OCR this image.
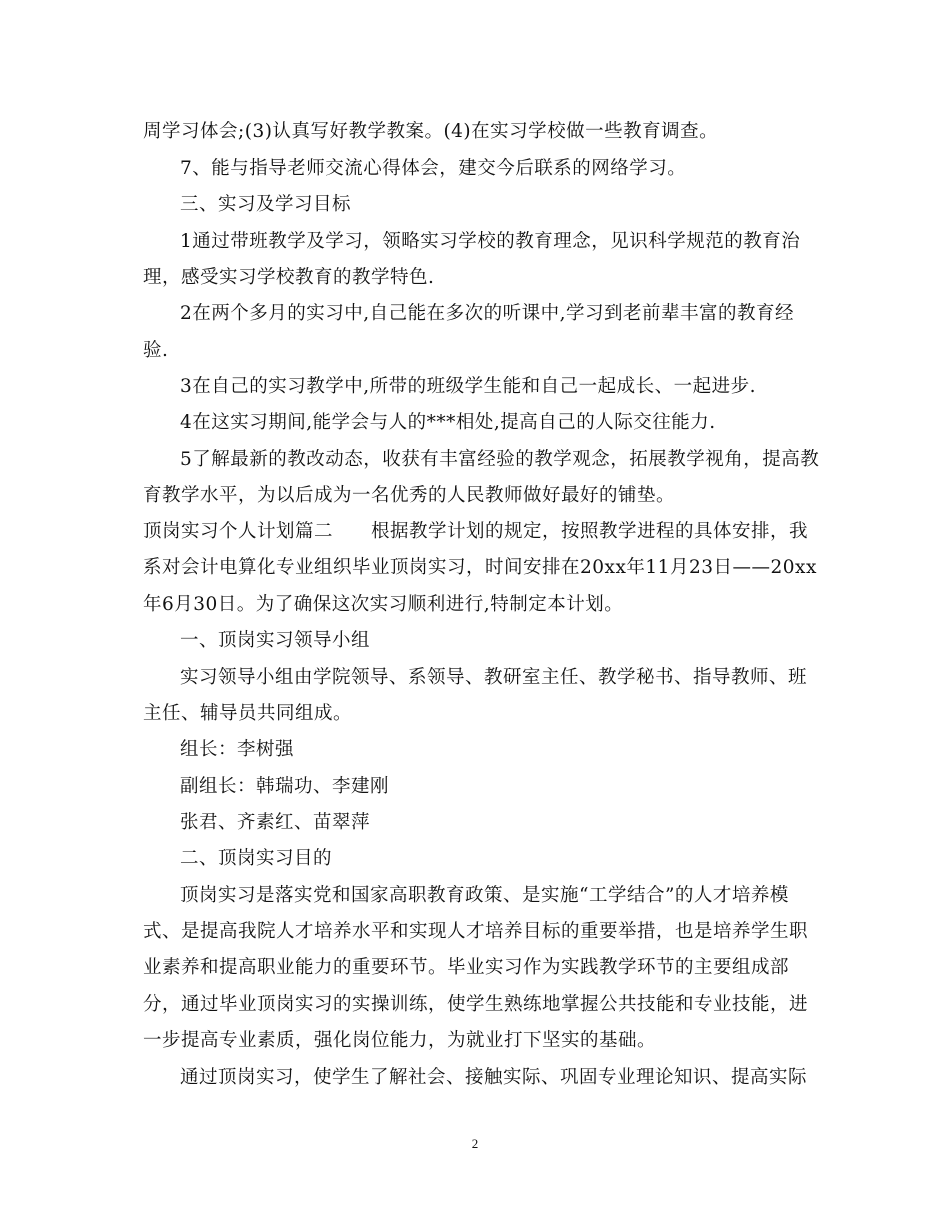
周学习体会;(3)认真写好教学教案。(4)在实习学校做一些教育调查。
7、能与指导老师交流心得体会，建交今后联系的网络学习。
三、实习及学习目标
1通过带班教学及学习，领略实习学校的教育理念，见识科学规范的教育治
理，感受实习学校教育的教学特色.
2在两个多月的实习中,自己能在多次的听课中,学习到老前辈丰富的教育经
验.
3在自己的实习教学中,所带的班级学生能和自己一起成长、一起进步.
4在这实习期间,能学会与人的***相处,提高自己的人际交往能力.
5了解最新的教改动态，收获有丰富经验的教学观念，拓展教学视角，提高教
育教学水平，为以后成为一名优秀的人民教师做好最好的铺垫。
顶岗实习个人计划篇二　　根据教学计划的规定，按照教学进程的具体安排，我
系对会计电算化专业组织毕业顶岗实习，时间安排在20xx年11月23日——20xx
年6月30日。为了确保这次实习顺利进行,特制定本计划。
一、顶岗实习领导小组
实习领导小组由学院领导、系领导、教研室主任、教学秘书、指导教师、班
主任、辅导员共同组成。
组长：李树强
副组长：韩瑞功、李建刚
张君、齐素红、苗翠萍
二、顶岗实习目的
顶岗实习是落实党和国家高职教育政策、是实施“工学结合”的人才培养模
式、是提高我院人才培养水平和实现人才培养目标的重要举措，也是培养学生职
业素养和提高职业能力的重要环节。毕业实习作为实践教学环节的主要组成部
分，通过毕业顶岗实习的实操训练，使学生熟练地掌握公共技能和专业技能，进
一步提高专业素质，强化岗位能力，为就业打下坚实的基础。
通过顶岗实习，使学生了解社会、接触实际、巩固专业理论知识、提高实际
2
